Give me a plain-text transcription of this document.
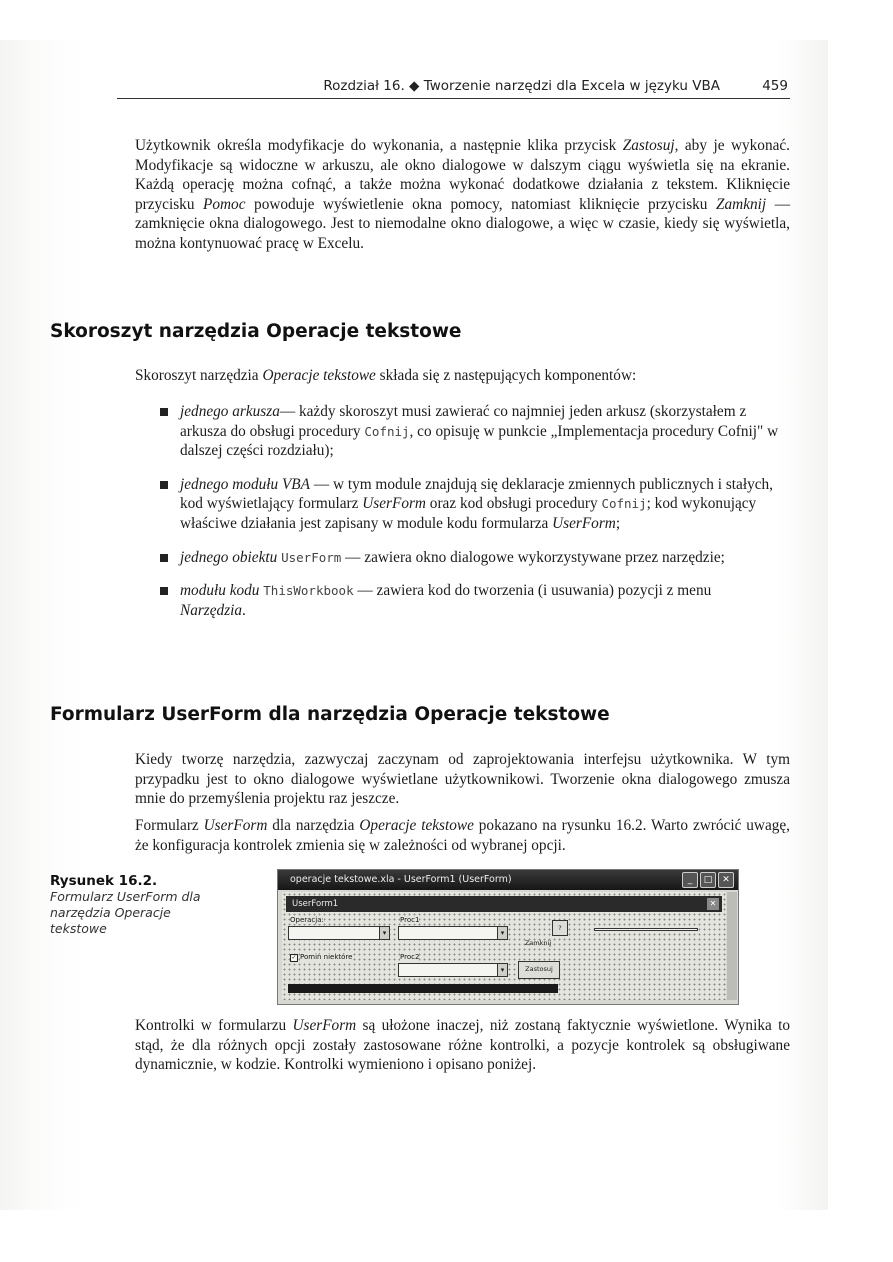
Rozdział 16. ◆ Tworzenie narzędzi dla Excela w języku VBA	459

Użytkownik określa modyfikacje do wykonania, a następnie klika przycisk Zastosuj, aby je wykonać. Modyfikacje są widoczne w arkuszu, ale okno dialogowe w dalszym ciągu wyświetla się na ekranie. Każdą operację można cofnąć, a także można wykonać dodatkowe działania z tekstem. Kliknięcie przycisku Pomoc powoduje wyświetlenie okna pomocy, natomiast kliknięcie przycisku Zamknij — zamknięcie okna dialogowego. Jest to niemodalne okno dialogowe, a więc w czasie, kiedy się wyświetla, można kontynuować pracę w Excelu.

Skoroszyt narzędzia Operacje tekstowe

Skoroszyt narzędzia Operacje tekstowe składa się z następujących komponentów:

jednego arkusza— każdy skoroszyt musi zawierać co najmniej jeden arkusz (skorzystałem z arkusza do obsługi procedury Cofnij, co opisuję w punkcie „Implementacja procedury Cofnij" w dalszej części rozdziału);
jednego modułu VBA — w tym module znajdują się deklaracje zmiennych publicznych i stałych, kod wyświetlający formularz UserForm oraz kod obsługi procedury Cofnij; kod wykonujący właściwe działania jest zapisany w module kodu formularza UserForm;
jednego obiektu UserForm — zawiera okno dialogowe wykorzystywane przez narzędzie;
modułu kodu ThisWorkbook — zawiera kod do tworzenia (i usuwania) pozycji z menu Narzędzia.
Formularz UserForm dla narzędzia Operacje tekstowe

Kiedy tworzę narzędzia, zazwyczaj zaczynam od zaprojektowania interfejsu użytkownika. W tym przypadku jest to okno dialogowe wyświetlane użytkownikowi. Tworzenie okna dialogowego zmusza mnie do przemyślenia projektu raz jeszcze.

Formularz UserForm dla narzędzia Operacje tekstowe pokazano na rysunku 16.2. Warto zwrócić uwagę, że konfiguracja kontrolek zmienia się w zależności od wybranej opcji.

Rysunek 16.2.
Formularz UserForm dla narzędzia Operacje tekstowe
operacje tekstowe.xla - UserForm1 (UserForm)	_	□	✕
UserForm1	✕
Operacja:	Proc1
▾	▾
?
Zamknij
✓ Pomiń niektóre	Proc2
▾	Zastosuj

Kontrolki w formularzu UserForm są ułożone inaczej, niż zostaną faktycznie wyświetlone. Wynika to stąd, że dla różnych opcji zostały zastosowane różne kontrolki, a pozycje kontrolek są obsługiwane dynamicznie, w kodzie. Kontrolki wymieniono i opisano poniżej.
